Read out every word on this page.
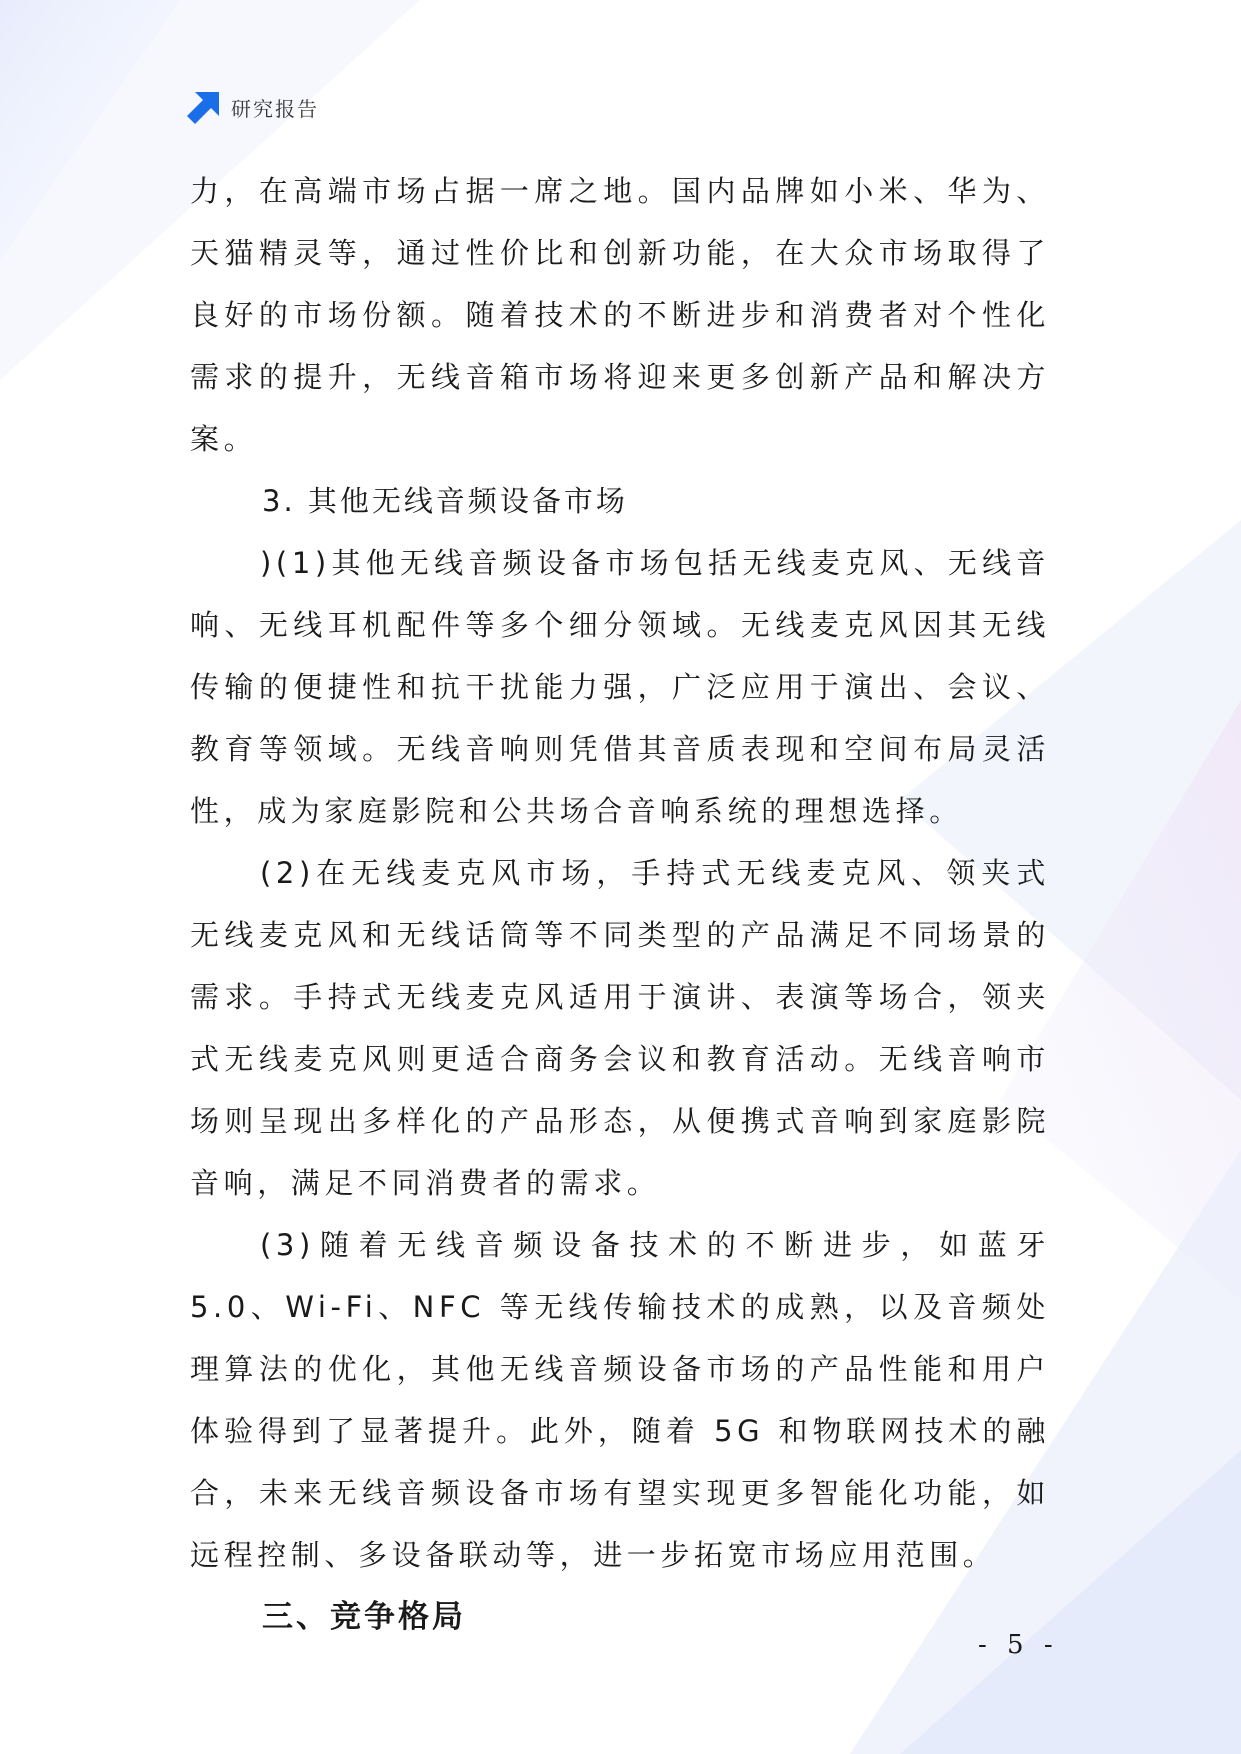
研究报告

力，在高端市场占据一席之地。国内品牌如小米、华为、天猫精灵等，通过性价比和创新功能，在大众市场取得了良好的市场份额。随着技术的不断进步和消费者对个性化需求的提升，无线音箱市场将迎来更多创新产品和解决方案。

3. 其他无线音频设备市场

)(1)其他无线音频设备市场包括无线麦克风、无线音响、无线耳机配件等多个细分领域。无线麦克风因其无线传输的便捷性和抗干扰能力强，广泛应用于演出、会议、教育等领域。无线音响则凭借其音质表现和空间布局灵活性，成为家庭影院和公共场合音响系统的理想选择。

(2)在无线麦克风市场，手持式无线麦克风、领夹式无线麦克风和无线话筒等不同类型的产品满足不同场景的需求。手持式无线麦克风适用于演讲、表演等场合，领夹式无线麦克风则更适合商务会议和教育活动。无线音响市场则呈现出多样化的产品形态，从便携式音响到家庭影院音响，满足不同消费者的需求。

(3)随着无线音频设备技术的不断进步，如蓝牙 5.0、Wi-Fi、NFC 等无线传输技术的成熟，以及音频处理算法的优化，其他无线音频设备市场的产品性能和用户体验得到了显著提升。此外，随着 5G 和物联网技术的融合，未来无线音频设备市场有望实现更多智能化功能，如远程控制、多设备联动等，进一步拓宽市场应用范围。

三、竞争格局

- 5 -
